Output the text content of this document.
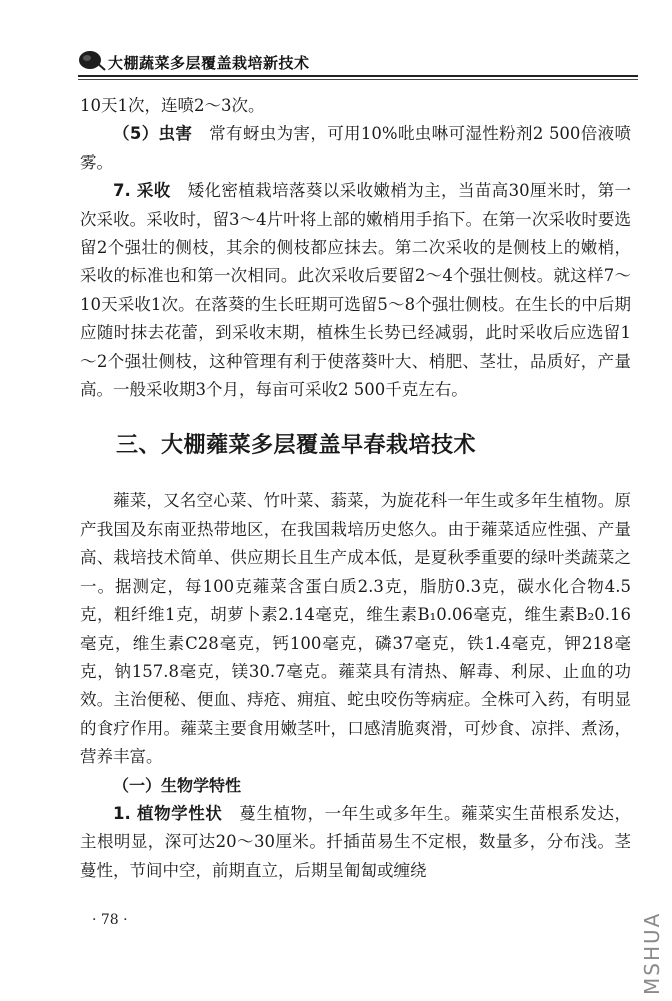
大棚蔬菜多层覆盖栽培新技术

10天1次，连喷2～3次。

（5）虫害　 常有蚜虫为害，可用10%吡虫啉可湿性粉剂2 500倍液喷雾。

7. 采收　 矮化密植栽培落葵以采收嫩梢为主，当苗高30厘米时，第一次采收。采收时，留3～4片叶将上部的嫩梢用手掐下。在第一次采收时要选留2个强壮的侧枝，其余的侧枝都应抹去。第二次采收的是侧枝上的嫩梢，采收的标准也和第一次相同。此次采收后要留2～4个强壮侧枝。就这样7～10天采收1次。在落葵的生长旺期可选留5～8个强壮侧枝。在生长的中后期应随时抹去花蕾，到采收末期，植株生长势已经减弱，此时采收后应选留1～2个强壮侧枝，这种管理有利于使落葵叶大、梢肥、茎壮，品质好，产量高。一般采收期3个月，每亩可采收2 500千克左右。

三、大棚蕹菜多层覆盖早春栽培技术

蕹菜，又名空心菜、竹叶菜、蓊菜，为旋花科一年生或多年生植物。原产我国及东南亚热带地区，在我国栽培历史悠久。由于蕹菜适应性强、产量高、栽培技术简单、供应期长且生产成本低，是夏秋季重要的绿叶类蔬菜之一。据测定，每100克蕹菜含蛋白质2.3克，脂肪0.3克，碳水化合物4.5克，粗纤维1克，胡萝卜素2.14毫克，维生素B₁0.06毫克，维生素B₂0.16毫克，维生素C28毫克，钙100毫克，磷37毫克，铁1.4毫克，钾218毫克，钠157.8毫克，镁30.7毫克。蕹菜具有清热、解毒、利尿、止血的功效。主治便秘、便血、痔疮、痈疽、蛇虫咬伤等病症。全株可入药，有明显的食疗作用。蕹菜主要食用嫩茎叶，口感清脆爽滑，可炒食、凉拌、煮汤，营养丰富。

（一）生物学特性

1. 植物学性状　 蔓生植物，一年生或多年生。蕹菜实生苗根系发达，主根明显，深可达20～30厘米。扦插苗易生不定根，数量多，分布浅。茎蔓性，节间中空，前期直立，后期呈匍匐或缠绕

· 78 ·	MSHUA
